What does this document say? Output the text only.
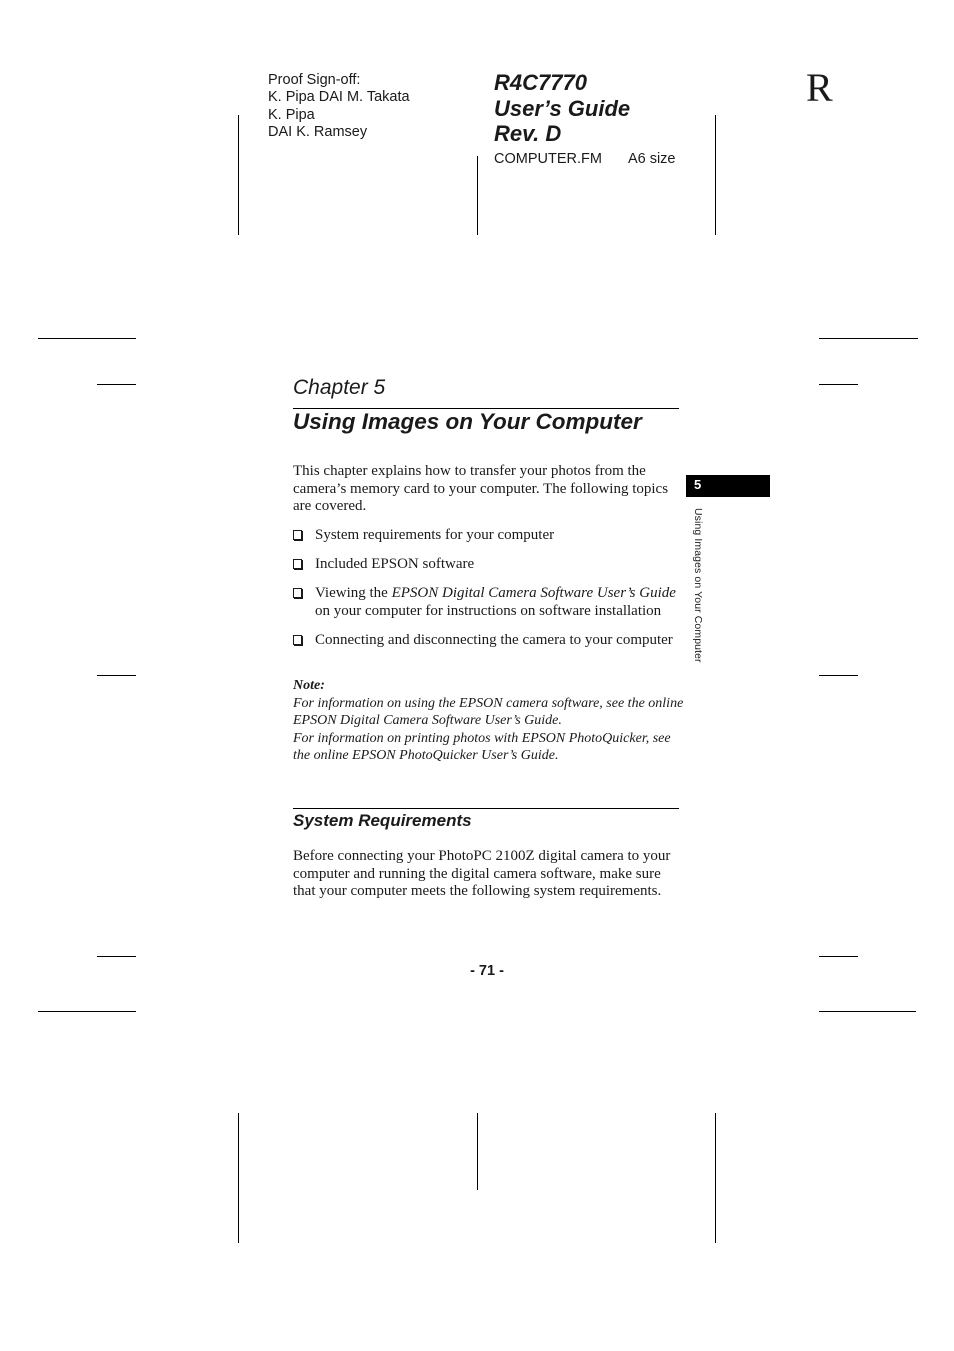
Proof Sign-off:
K. Pipa DAI M. Takata
K. Pipa
DAI K. Ramsey
R4C7770
User’s Guide
Rev. D
COMPUTER.FM A6 size
R
Chapter 5
Using Images on Your Computer
This chapter explains how to transfer your photos from the camera’s memory card to your computer. The following topics are covered.
System requirements for your computer
Included EPSON software
Viewing the EPSON Digital Camera Software User’s Guide on your computer for instructions on software installation
Connecting and disconnecting the camera to your computer
Note:
For information on using the EPSON camera software, see the online EPSON Digital Camera Software User’s Guide.
For information on printing photos with EPSON PhotoQuicker, see the online EPSON PhotoQuicker User’s Guide.
System Requirements
Before connecting your PhotoPC 2100Z digital camera to your computer and running the digital camera software, make sure that your computer meets the following system requirements.
- 71 -
5
Using Images on Your Computer
